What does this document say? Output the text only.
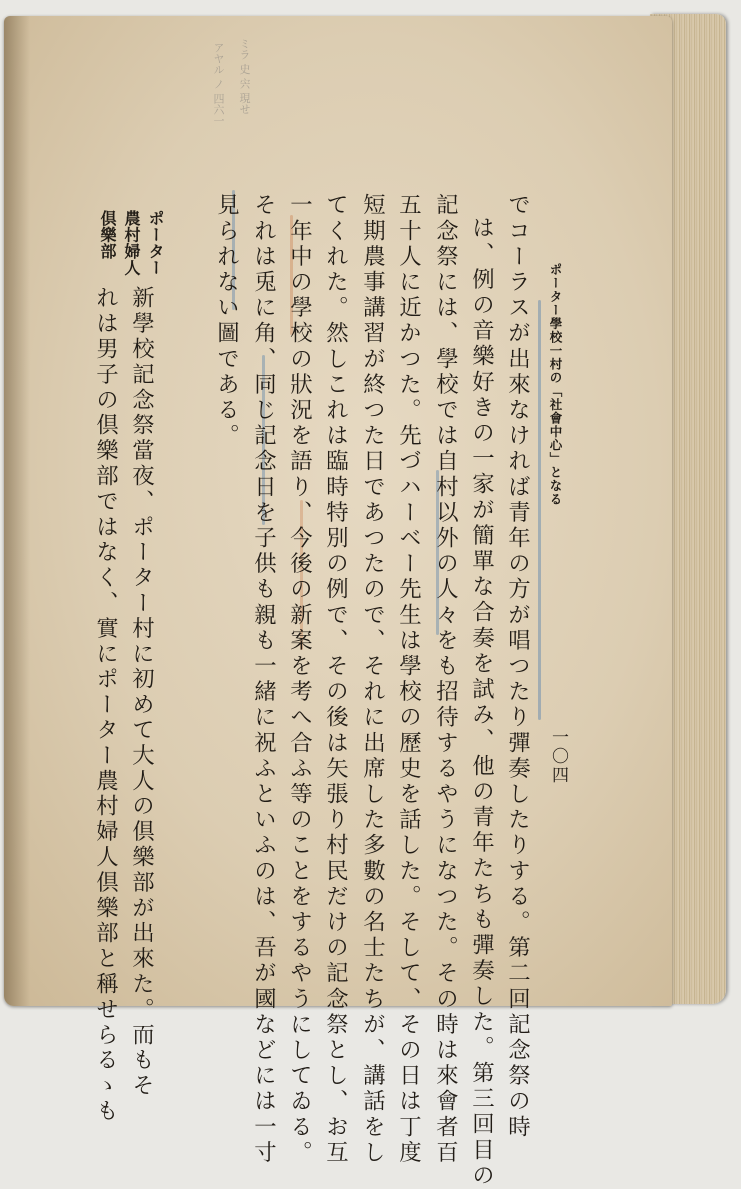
ミラ 史 宍 現せ
アヤル ノ 四六一
ポーター學校一村の「社會中心」となる
一〇四
でコーラスが出來なければ青年の方が唱つたり彈奏したりする。第二回記念祭の時
は、例の音樂好きの一家が簡單な合奏を試み、他の青年たちも彈奏した。第三回目の
記念祭には、學校では自村以外の人々をも招待するやうになつた。その時は來會者百
五十人に近かつた。先づハーベー先生は學校の歷史を話した。そして、その日は丁度
短期農事講習が終つた日であつたので、それに出席した多數の名士たちが、講話をし
てくれた。然しこれは臨時特別の例で、その後は矢張り村民だけの記念祭とし、お互
一年中の學校の狀況を語り、今後の新案を考へ合ふ等のことをするやうにしてゐる。
それは兎に角、同じ記念日を子供も親も一緒に祝ふといふのは、吾が國などには一寸
見られない圖である。
ポーター
農村婦人
倶樂部
新學校記念祭當夜、ポーター村に初めて大人の倶樂部が出來た。而もそ
れは男子の倶樂部ではなく、實にポーター農村婦人倶樂部と稱せらるゝも
